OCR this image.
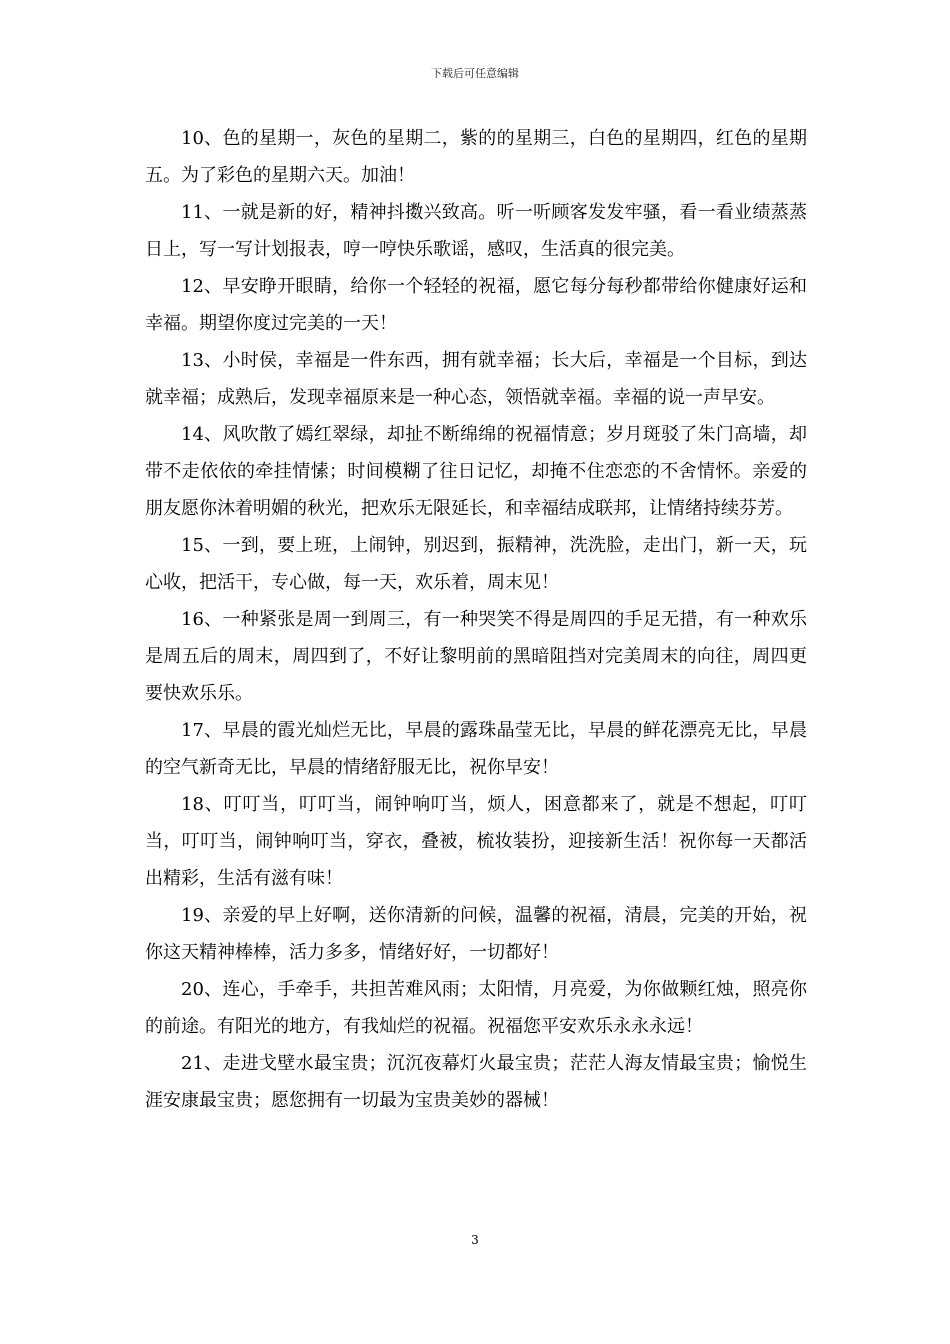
下载后可任意编辑

10、色的星期一，灰色的星期二，紫的的星期三，白色的星期四，红色的星期五。为了彩色的星期六天。加油！

11、一就是新的好，精神抖擞兴致高。听一听顾客发发牢骚，看一看业绩蒸蒸日上，写一写计划报表，哼一哼快乐歌谣，感叹，生活真的很完美。

12、早安睁开眼睛，给你一个轻轻的祝福，愿它每分每秒都带给你健康好运和幸福。期望你度过完美的一天！

13、小时侯，幸福是一件东西，拥有就幸福；长大后，幸福是一个目标，到达就幸福；成熟后，发现幸福原来是一种心态，领悟就幸福。幸福的说一声早安。

14、风吹散了嫣红翠绿，却扯不断绵绵的祝福情意；岁月斑驳了朱门高墙，却带不走依依的牵挂情愫；时间模糊了往日记忆，却掩不住恋恋的不舍情怀。亲爱的朋友愿你沐着明媚的秋光，把欢乐无限延长，和幸福结成联邦，让情绪持续芬芳。

15、一到，要上班，上闹钟，别迟到，振精神，洗洗脸，走出门，新一天，玩心收，把活干，专心做，每一天，欢乐着，周末见！

16、一种紧张是周一到周三，有一种哭笑不得是周四的手足无措，有一种欢乐是周五后的周末，周四到了，不好让黎明前的黑暗阻挡对完美周末的向往，周四更要快欢乐乐。

17、早晨的霞光灿烂无比，早晨的露珠晶莹无比，早晨的鲜花漂亮无比，早晨的空气新奇无比，早晨的情绪舒服无比，祝你早安！

18、叮叮当，叮叮当，闹钟响叮当，烦人，困意都来了，就是不想起，叮叮当，叮叮当，闹钟响叮当，穿衣，叠被，梳妆装扮，迎接新生活！祝你每一天都活出精彩，生活有滋有味！

19、亲爱的早上好啊，送你清新的问候，温馨的祝福，清晨，完美的开始，祝你这天精神棒棒，活力多多，情绪好好，一切都好！

20、连心，手牵手，共担苦难风雨；太阳情，月亮爱，为你做颗红烛，照亮你的前途。有阳光的地方，有我灿烂的祝福。祝福您平安欢乐永永永远！

21、走进戈壁水最宝贵；沉沉夜幕灯火最宝贵；茫茫人海友情最宝贵；愉悦生涯安康最宝贵；愿您拥有一切最为宝贵美妙的器械！

3
